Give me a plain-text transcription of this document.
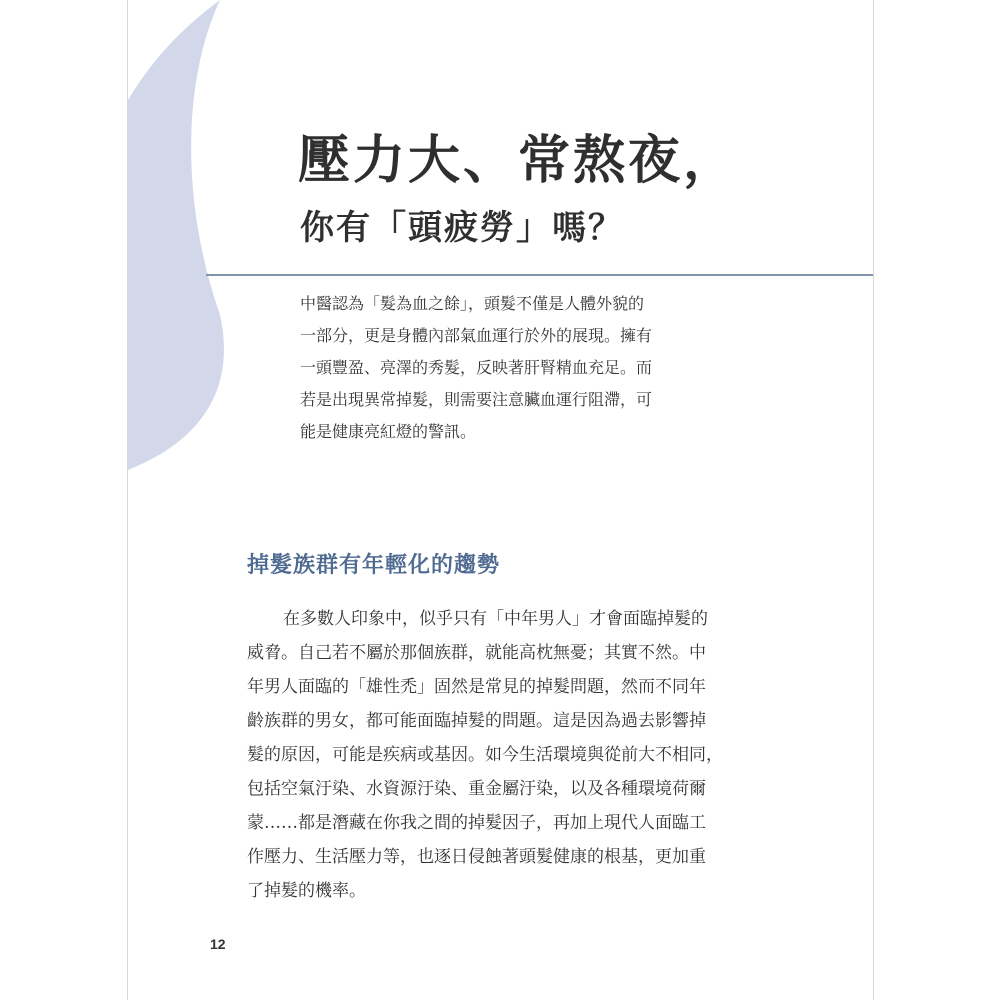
壓力大、常熬夜，
你有「頭疲勞」嗎？

中醫認為「髮為血之餘」，頭髮不僅是人體外貌的
一部分，更是身體內部氣血運行於外的展現。擁有
一頭豐盈、亮澤的秀髮，反映著肝腎精血充足。而
若是出現異常掉髮，則需要注意臟血運行阻滯，可
能是健康亮紅燈的警訊。

掉髮族群有年輕化的趨勢

在多數人印象中，似乎只有「中年男人」才會面臨掉髮的
威脅。自己若不屬於那個族群，就能高枕無憂；其實不然。中
年男人面臨的「雄性禿」固然是常見的掉髮問題，然而不同年
齡族群的男女，都可能面臨掉髮的問題。這是因為過去影響掉
髮的原因，可能是疾病或基因。如今生活環境與從前大不相同，
包括空氣汙染、水資源汙染、重金屬汙染，以及各種環境荷爾
蒙……都是潛藏在你我之間的掉髮因子，再加上現代人面臨工
作壓力、生活壓力等，也逐日侵蝕著頭髮健康的根基，更加重
了掉髮的機率。

12
